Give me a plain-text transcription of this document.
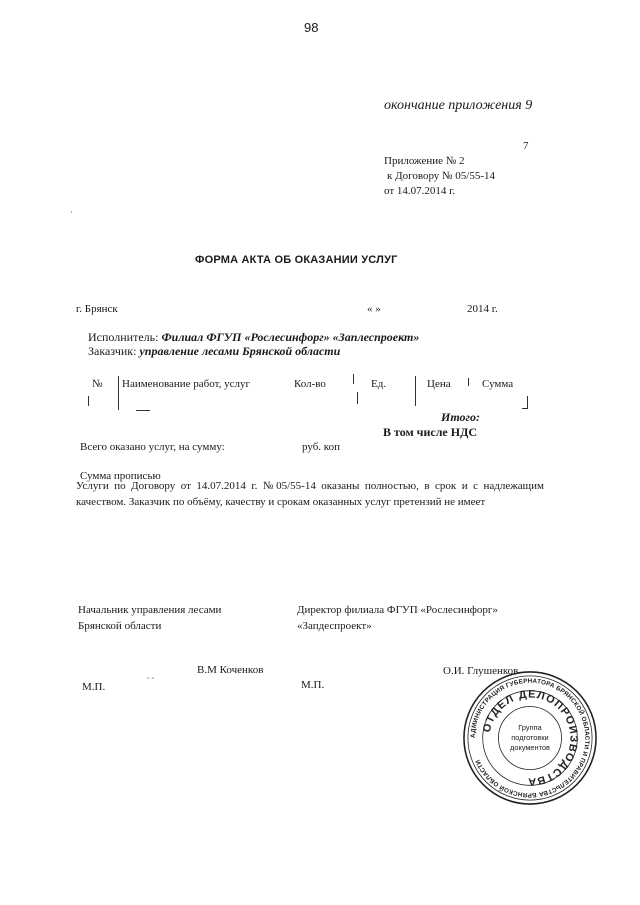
98
окончание приложения 9
7
Приложение № 2
к Договору № 05/55-14
от 14.07.2014 г.
·
ФОРМА АКТА ОБ ОКАЗАНИИ УСЛУГ
г. Брянск	« »	2014 г.
Исполнитель: Филиал ФГУП «Рослесинфорг» «Заплеспроект»
Заказчик: управление лесами Брянской области
№ Наименование работ, услуг	Кол-во	Ед.	Цена	Сумма
Итого:
В том числе НДС
Всего оказано услуг, на сумму:	руб. коп
Сумма прописью
Услуги по Договору от 14.07.2014 г. №05/55-14 оказаны полностью, в срок и с надлежащим качеством. Заказчик по объёму, качеству и срокам оказанных услуг претензий не имеет
Начальник управления лесами
Брянской области
Директор филиала ФГУП «Рослесинфорг»
«Запдеспроект»
В.М Коченков	О.И. Глушенков
М.П.	М.П.
¨ ¨
АДМИНИСТРАЦИЯ ГУБЕРНАТОРА БРЯНСКОЙ ОБЛАСТИ И ПРАВИТЕЛЬСТВА БРЯНСКОЙ ОБЛАСТИ
ОТДЕЛ ДЕЛОПРОИЗВОДСТВА
Группа
подготовки
документов
